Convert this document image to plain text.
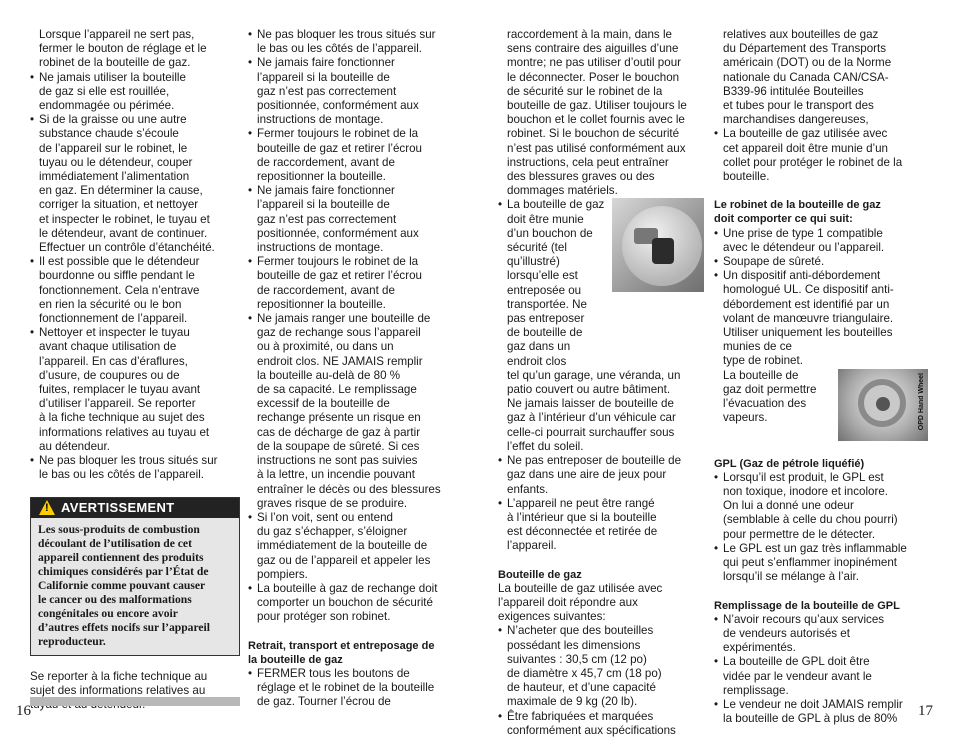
Lorsque l’appareil ne sert pas,
fermer le bouton de réglage et le
robinet de la bouteille de gaz.
• Ne jamais utiliser la bouteille
de gaz si elle est rouillée,
endommagée ou périmée.
• Si de la graisse ou une autre
substance chaude s’écoule
de l’appareil sur le robinet, le
tuyau ou le détendeur, couper
immédiatement l’alimentation
en gaz. En déterminer la cause,
corriger la situation, et nettoyer
et inspecter le robinet, le tuyau et
le détendeur, avant de continuer.
Effectuer un contrôle d’étanchéité.
• Il est possible que le détendeur
bourdonne ou siffle pendant le
fonctionnement. Cela n’entrave
en rien la sécurité ou le bon
fonctionnement de l’appareil.
• Nettoyer et inspecter le tuyau
avant chaque utilisation de
l’appareil. En cas d’éraflures,
d’usure, de coupures ou de
fuites, remplacer le tuyau avant
d’utiliser l’appareil. Se reporter
à la fiche technique au sujet des
informations relatives au tuyau et
au détendeur.
• Ne pas bloquer les trous situés sur
le bas ou les côtés de l’appareil.
! AVERTISSEMENT
Les sous-produits de combustion
découlant de l’utilisation de cet
appareil contiennent des produits
chimiques considérés par l’État de
Californie comme pouvant causer
le cancer ou des malformations
congénitales ou encore avoir
d’autres effets nocifs sur l’appareil
reproducteur.
Se reporter à la fiche technique au
sujet des informations relatives au
• Ne pas bloquer les trous situés sur
le bas ou les côtés de l’appareil.
• Ne jamais faire fonctionner
l’appareil si la bouteille de
gaz n’est pas correctement
positionnée, conformément aux
instructions de montage.
• Fermer toujours le robinet de la
bouteille de gaz et retirer l’écrou
de raccordement, avant de
repositionner la bouteille.
• Ne jamais faire fonctionner
l’appareil si la bouteille de
gaz n’est pas correctement
positionnée, conformément aux
instructions de montage.
• Fermer toujours le robinet de la
bouteille de gaz et retirer l’écrou
de raccordement, avant de
repositionner la bouteille.
• Ne jamais ranger une bouteille de
gaz de rechange sous l’appareil
ou à proximité, ou dans un
endroit clos. NE JAMAIS remplir
la bouteille au-delà de 80 %
de sa capacité. Le remplissage
excessif de la bouteille de
rechange présente un risque en
cas de décharge de gaz à partir
de la soupape de sûreté. Si ces
instructions ne sont pas suivies
à la lettre, un incendie pouvant
entraîner le décès ou des blessures
graves risque de se produire.
• Si l’on voit, sent ou entend
du gaz s’échapper, s’éloigner
immédiatement de la bouteille de
gaz ou de l’appareil et appeler les
pompiers.
• La bouteille à gaz de rechange doit
comporter un bouchon de sécurité
pour protéger son robinet.
Retrait, transport et entreposage de
la bouteille de gaz
• FERMER tous les boutons de
réglage et le robinet de la bouteille
de gaz. Tourner l’écrou de
raccordement à la main, dans le
sens contraire des aiguilles d’une
montre; ne pas utiliser d’outil pour
le déconnecter. Poser le bouchon
de sécurité sur le robinet de la
bouteille de gaz. Utiliser toujours le
bouchon et le collet fournis avec le
robinet. Si le bouchon de sécurité
n’est pas utilisé conformément aux
instructions, cela peut entraîner
des blessures graves ou des
dommages matériels.
• La bouteille de gaz doit être munie
d’un bouchon de sécurité (tel
qu’illustré)
lorsqu’elle est
entreposée ou
transportée. Ne
pas entreposer
de bouteille de
gaz dans un
endroit clos
tel qu’un garage, une véranda, un
patio couvert ou autre bâtiment.
Ne jamais laisser de bouteille de
gaz à l’intérieur d’un véhicule car
celle-ci pourrait surchauffer sous
l’effet du soleil.
• Ne pas entreposer de bouteille de
gaz dans une aire de jeux pour
enfants.
• L’appareil ne peut être rangé
à l’intérieur que si la bouteille
est déconnectée et retirée de
l’appareil.
Bouteille de gaz
La bouteille de gaz utilisée avec
l’appareil doit répondre aux
exigences suivantes:
• N’acheter que des bouteilles
possédant les dimensions
suivantes : 30,5 cm (12 po)
de diamètre x 45,7 cm (18 po)
de hauteur, et d’une capacité
maximale de 9 kg (20 lb).
• Être fabriquées et marquées
conformément aux spécifications
relatives aux bouteilles de gaz
du Département des Transports
américain (DOT) ou de la Norme
nationale du Canada CAN/CSA-
B339-96 intitulée Bouteilles
et tubes pour le transport des
marchandises dangereuses,
• La bouteille de gaz utilisée avec
cet appareil doit être munie d’un
collet pour protéger le robinet de la
bouteille.
Le robinet de la bouteille de gaz
doit comporter ce qui suit:
• Une prise de type 1 compatible
avec le détendeur ou l’appareil.
• Soupape de sûreté.
• Un dispositif anti-débordement
homologué UL. Ce dispositif anti-
débordement est identifié par un
volant de manœuvre triangulaire.
Utiliser uniquement les bouteilles
munies de ce
type de robinet.
OPD Hand Wheel
La bouteille de
gaz doit permettre
l’évacuation des
vapeurs.
GPL (Gaz de pétrole liquéfié)
• Lorsqu’il est produit, le GPL est
non toxique, inodore et incolore.
On lui a donné une odeur
(semblable à celle du chou pourri)
pour permettre de le détecter.
• Le GPL est un gaz très inflammable
qui peut s’enflammer inopinément
lorsqu’il se mélange à l’air.
Remplissage de la bouteille de GPL
• N’avoir recours qu’aux services
de vendeurs autorisés et
expérimentés.
• La bouteille de GPL doit être
vidée par le vendeur avant le
remplissage.
• Le vendeur ne doit JAMAIS remplir
la bouteille de GPL à plus de 80%
16	17
